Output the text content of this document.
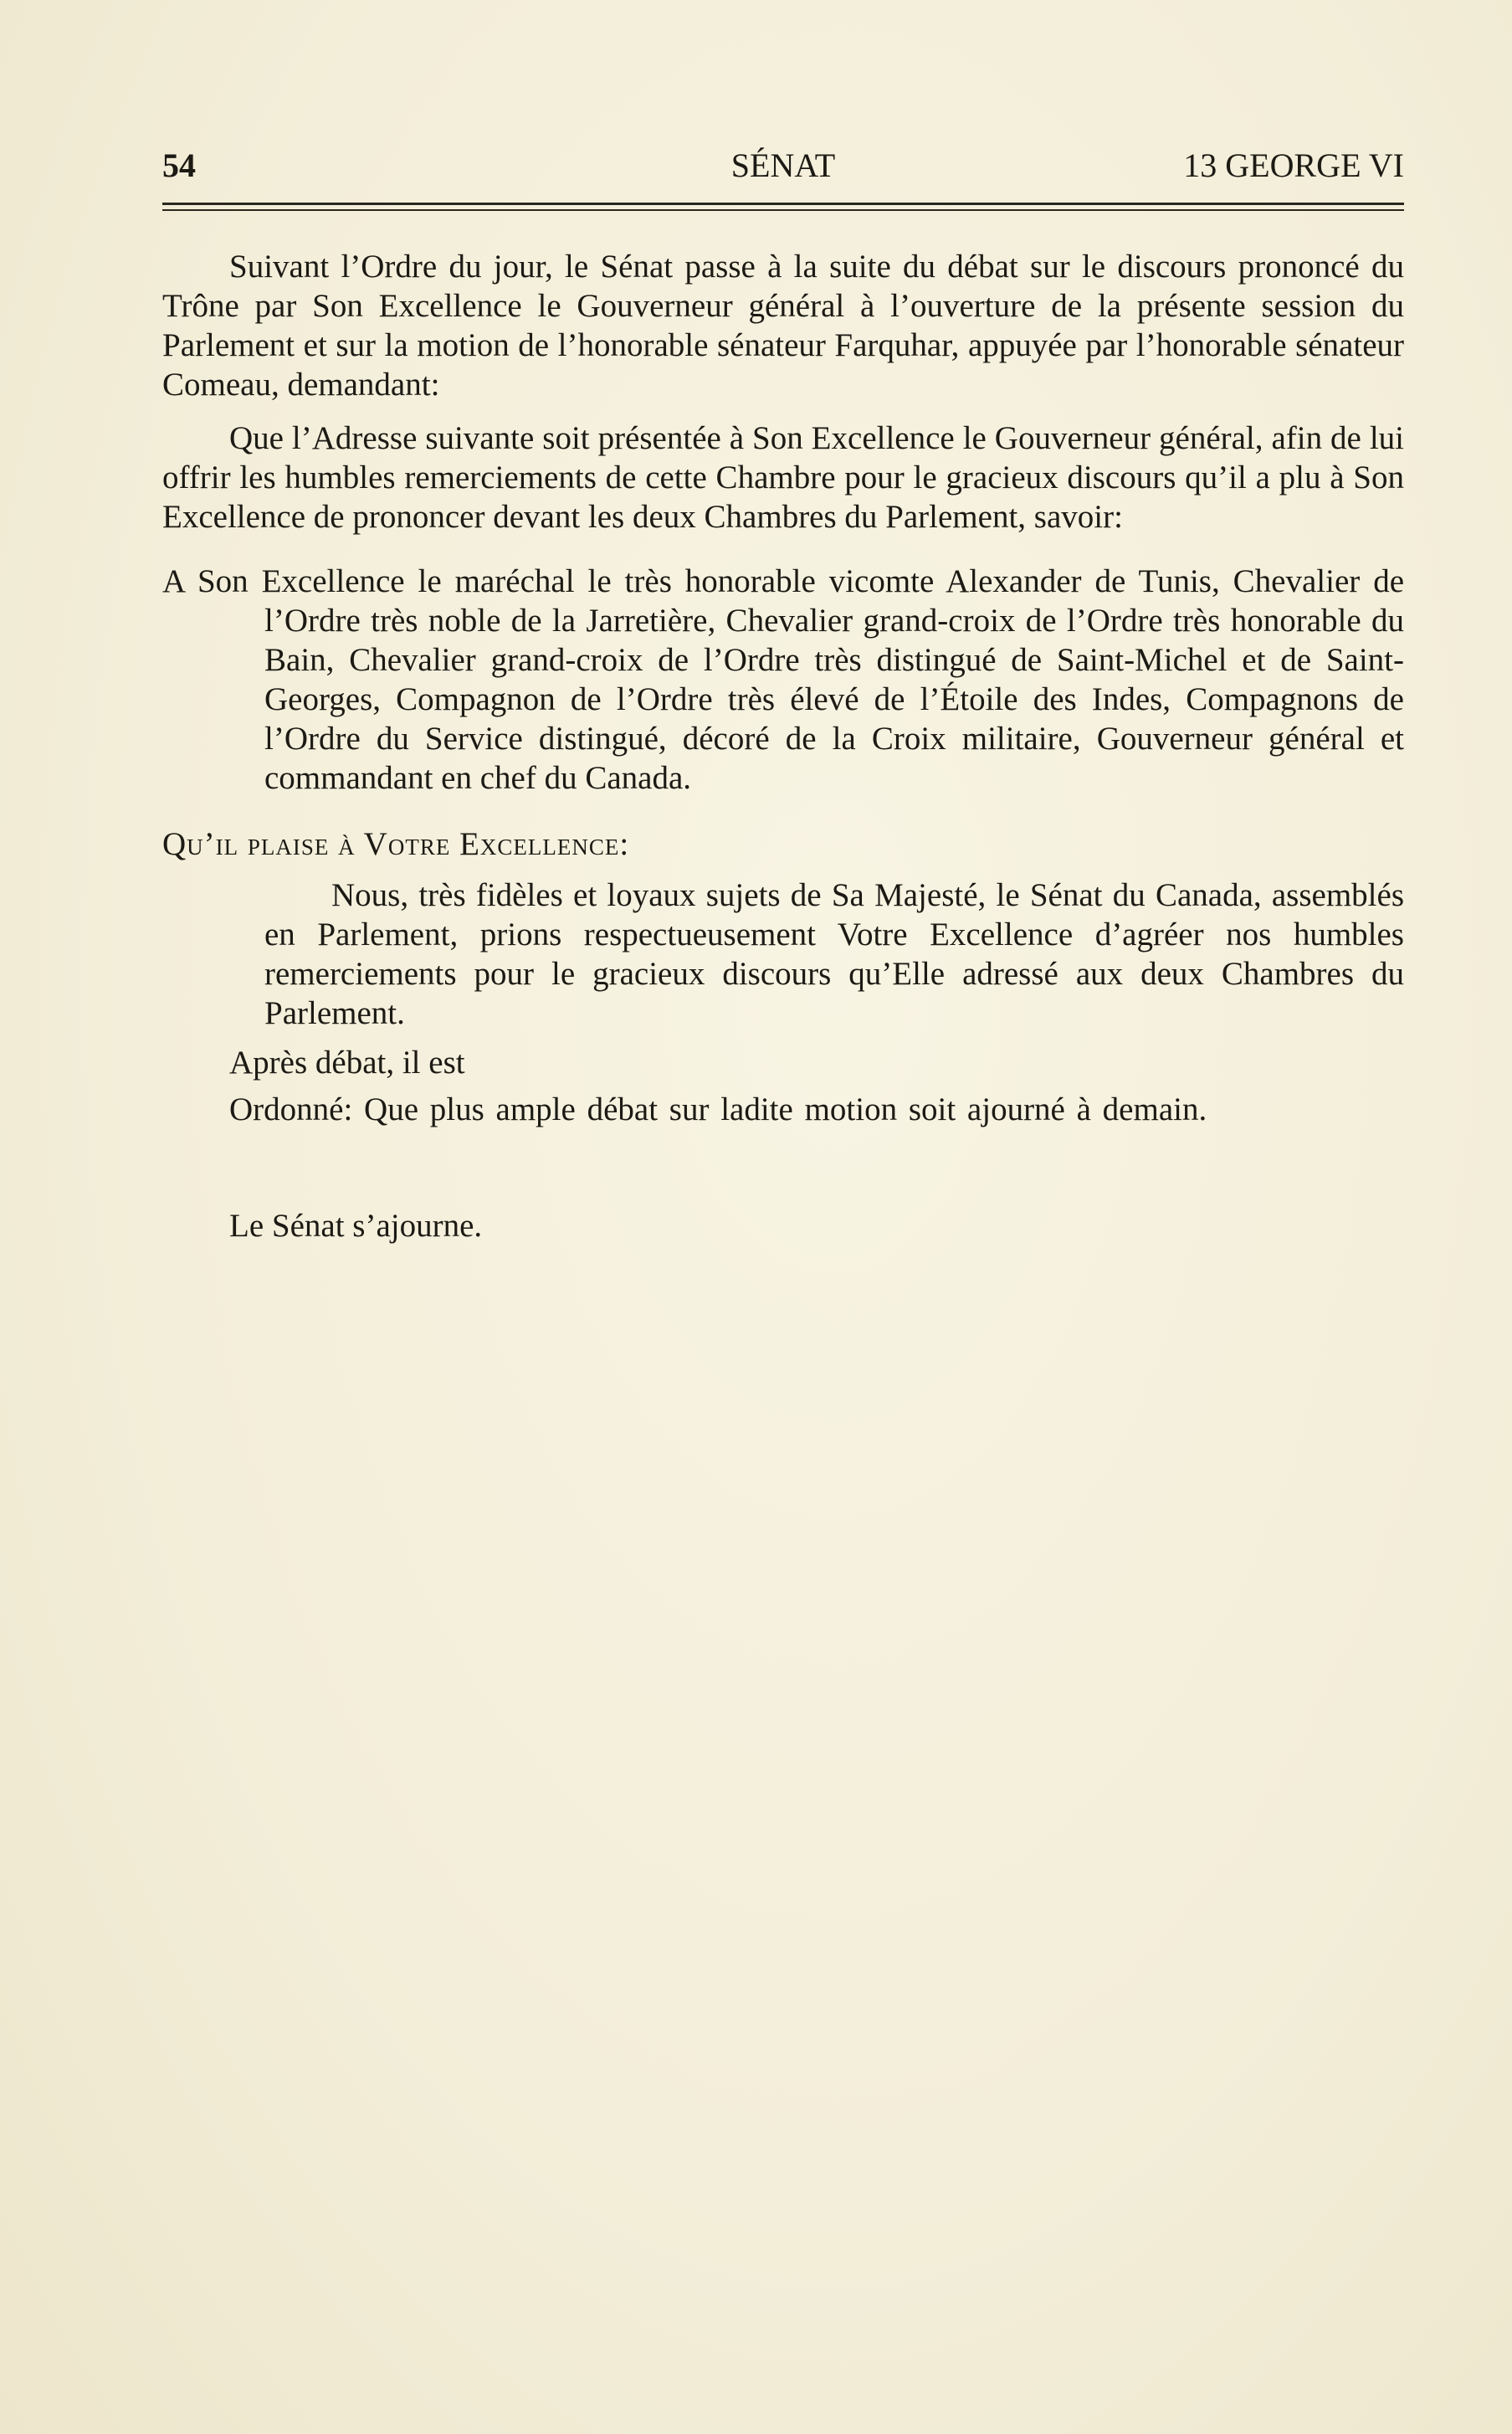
54	SÉNAT	13 GEORGE VI

Suivant l’Ordre du jour, le Sénat passe à la suite du débat sur le discours prononcé du Trône par Son Excellence le Gouverneur général à l’ouverture de la présente session du Parlement et sur la motion de l’honorable sénateur Farquhar, appuyée par l’honorable sénateur Comeau, demandant:

Que l’Adresse suivante soit présentée à Son Excellence le Gouverneur général, afin de lui offrir les humbles remerciements de cette Chambre pour le gracieux discours qu’il a plu à Son Excellence de prononcer devant les deux Chambres du Parlement, savoir:

A Son Excellence le maréchal le très honorable vicomte Alexander de Tunis, Chevalier de l’Ordre très noble de la Jarretière, Chevalier grand-croix de l’Ordre très honorable du Bain, Chevalier grand-croix de l’Ordre très distingué de Saint-Michel et de Saint-Georges, Compagnon de l’Ordre très élevé de l’Étoile des Indes, Compagnons de l’Ordre du Service distingué, décoré de la Croix militaire, Gouverneur général et commandant en chef du Canada.

Qu’il plaise à Votre Excellence:

Nous, très fidèles et loyaux sujets de Sa Majesté, le Sénat du Canada, assemblés en Parlement, prions respectueusement Votre Excellence d’agréer nos humbles remerciements pour le gracieux discours qu’Elle adressé aux deux Chambres du Parlement.

Après débat, il est

Ordonné: Que plus ample débat sur ladite motion soit ajourné à demain.

Le Sénat s’ajourne.
